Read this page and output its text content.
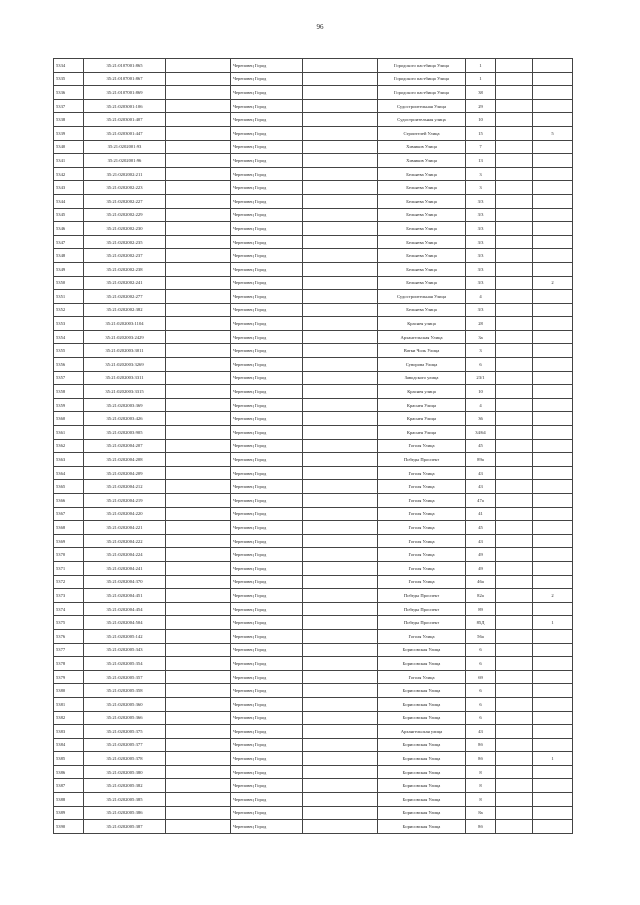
96
5334	35:21:0107001:865		Череповец Город		Городского пастбища Улица	1		
5335	35:21:0107001:867		Череповец Город		Городского пастбища Улица	1		
5336	35:21:0107001:869		Череповец Город		Городского пастбища Улица	38		
5337	35:21:0203001:106		Череповец Город		Судостроительная Улица	29		
5338	35:21:0203001:407		Череповец Город		Судостроительная улица	10		
5339	35:21:0203001:447		Череповец Город		Строителей Улица	15		5
5340	35:21:0202001:93		Череповец Город		Химиков Улица	7		
5341	35:21:0202001:96		Череповец Город		Химиков Улица	13		
5342	35:21:0202002:211		Череповец Город		Бельяева Улица	3		
5343	35:21:0202002:223		Череповец Город		Бельяева Улица	3		
5344	35:21:0202002:227		Череповец Город		Бельяева Улица	3/3		
5345	35:21:0202002:229		Череповец Город		Бельяева Улица	3/3		
5346	35:21:0202002:230		Череповец Город		Бельяева Улица	3/3		
5347	35:21:0202002:235		Череповец Город		Бельяева Улица	3/3		
5348	35:21:0202002:237		Череповец Город		Бельяева Улица	3/3		
5349	35:21:0202002:238		Череповец Город		Бельяева Улица	3/3		
5350	35:21:0202002:241		Череповец Город		Бельяева Улица	3/3		2
5351	35:21:0202002:277		Череповец Город		Судостроительная Улица	4		
5352	35:21:0202002:382		Череповец Город		Бельяева Улица	3/3		
5353	35:21:0202003:1104		Череповец Город		Краснея улица	28		
5354	35:21:0202003:2429		Череповец Город		Архангельская Улица	3а		
5355	35:21:0202003:3011		Череповец Город		Ватки Чоль Улица	3		
5356	35:21:0202003:3269		Череповец Город		Суворова Улица	6		
5357	35:21:0202003:3311		Череповец Город		Заводского улица	23/1		
5358	35:21:0202003:3315		Череповец Город		Краснея улица	10		
5359	35:21:0202003:369		Череповец Город		Краснея Улица	4		
5360	35:21:0202003:426		Череповец Город		Краснея Улица	36		
5361	35:21:0202003:905		Череповец Город		Краснея Улица	34/64		
5362	35:21:0202004:207		Череповец Город		Гоголя Улица	45		
5363	35:21:0202004:208		Череповец Город		Победы Проспект	89а		
5364	35:21:0202004:209		Череповец Город		Гоголя Улица	43		
5365	35:21:0202004:212		Череповец Город		Гоголя Улица	43		
5366	35:21:0202004:219		Череповец Город		Гоголя Улица	47а		
5367	35:21:0202004:220		Череповец Город		Гоголя Улица	41		
5368	35:21:0202004:221		Череповец Город		Гоголя Улица	45		
5369	35:21:0202004:222		Череповец Город		Гоголя Улица	43		
5370	35:21:0202004:224		Череповец Город		Гоголя Улица	49		
5371	35:21:0202004:241		Череповец Город		Гоголя Улица	49		
5372	35:21:0202004:370		Череповец Город		Гоголя Улица	46а		
5373	35:21:0202004:451		Череповец Город		Победы Проспект	82а		2
5374	35:21:0202004:454		Череповец Город		Победы Проспект	89		
5375	35:21:0202004:504		Череповец Город		Победы Проспект	85Д		1
5376	35:21:0202005:142		Череповец Город		Гоголя Улица	56а		
5377	35:21:0202005:343		Череповец Город		Борисовская Улица	6		
5378	35:21:0202005:354		Череповец Город		Борисовская Улица	6		
5379	35:21:0202005:357		Череповец Город		Гоголя Улица	69		
5380	35:21:0202005:358		Череповец Город		Борисовская Улица	6		
5381	35:21:0202005:360		Череповец Город		Борисовская Улица	6		
5382	35:21:0202005:366		Череповец Город		Борисовская Улица	6		
5383	35:21:0202005:375		Череповец Город		Архангельская улица	43		
5384	35:21:0202005:377		Череповец Город		Борисовская Улица	8б		
5385	35:21:0202005:378		Череповец Город		Борисовская Улица	8б		1
5386	35:21:0202005:380		Череповец Город		Борисовская Улица	8		
5387	35:21:0202005:382		Череповец Город		Борисовская Улица	8		
5388	35:21:0202005:385		Череповец Город		Борисовская Улица	8		
5389	35:21:0202005:386		Череповец Город		Борисовская Улица	8а		
5390	35:21:0202005:387		Череповец Город		Борисовская Улица	8б		
